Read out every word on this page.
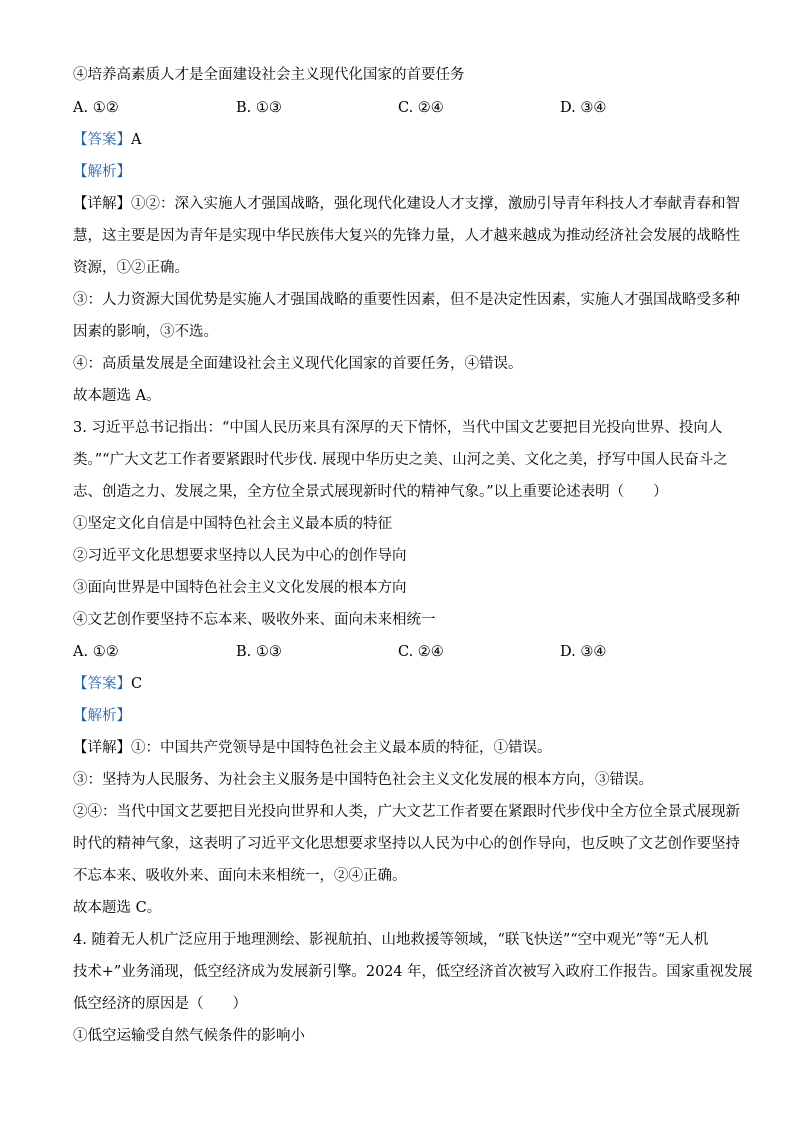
④培养高素质人才是全面建设社会主义现代化国家的首要任务
A. ①②	B. ①③	C. ②④	D. ③④
【答案】A
【解析】
【详解】①②：深入实施人才强国战略，强化现代化建设人才支撑，激励引导青年科技人才奉献青春和智
慧，这主要是因为青年是实现中华民族伟大复兴的先锋力量，人才越来越成为推动经济社会发展的战略性
资源，①②正确。
③：人力资源大国优势是实施人才强国战略的重要性因素，但不是决定性因素，实施人才强国战略受多种
因素的影响，③不选。
④：高质量发展是全面建设社会主义现代化国家的首要任务，④错误。
故本题选 A。
3. 习近平总书记指出：“中国人民历来具有深厚的天下情怀，当代中国文艺要把目光投向世界、投向人
类。”“广大文艺工作者要紧跟时代步伐. 展现中华历史之美、山河之美、文化之美，抒写中国人民奋斗之
志、创造之力、发展之果，全方位全景式展现新时代的精神气象。”以上重要论述表明（　　）
①坚定文化自信是中国特色社会主义最本质的特征
②习近平文化思想要求坚持以人民为中心的创作导向
③面向世界是中国特色社会主义文化发展的根本方向
④文艺创作要坚持不忘本来、吸收外来、面向未来相统一
A. ①②	B. ①③	C. ②④	D. ③④
【答案】C
【解析】
【详解】①：中国共产党领导是中国特色社会主义最本质的特征，①错误。
③：坚持为人民服务、为社会主义服务是中国特色社会主义文化发展的根本方向，③错误。
②④：当代中国文艺要把目光投向世界和人类，广大文艺工作者要在紧跟时代步伐中全方位全景式展现新
时代的精神气象，这表明了习近平文化思想要求坚持以人民为中心的创作导向，也反映了文艺创作要坚持
不忘本来、吸收外来、面向未来相统一，②④正确。
故本题选 C。
4. 随着无人机广泛应用于地理测绘、影视航拍、山地救援等领域，“联飞快送”“空中观光”等“无人机
技术+”业务涌现，低空经济成为发展新引擎。2024 年，低空经济首次被写入政府工作报告。国家重视发展
低空经济的原因是（　　）
①低空运输受自然气候条件的影响小
